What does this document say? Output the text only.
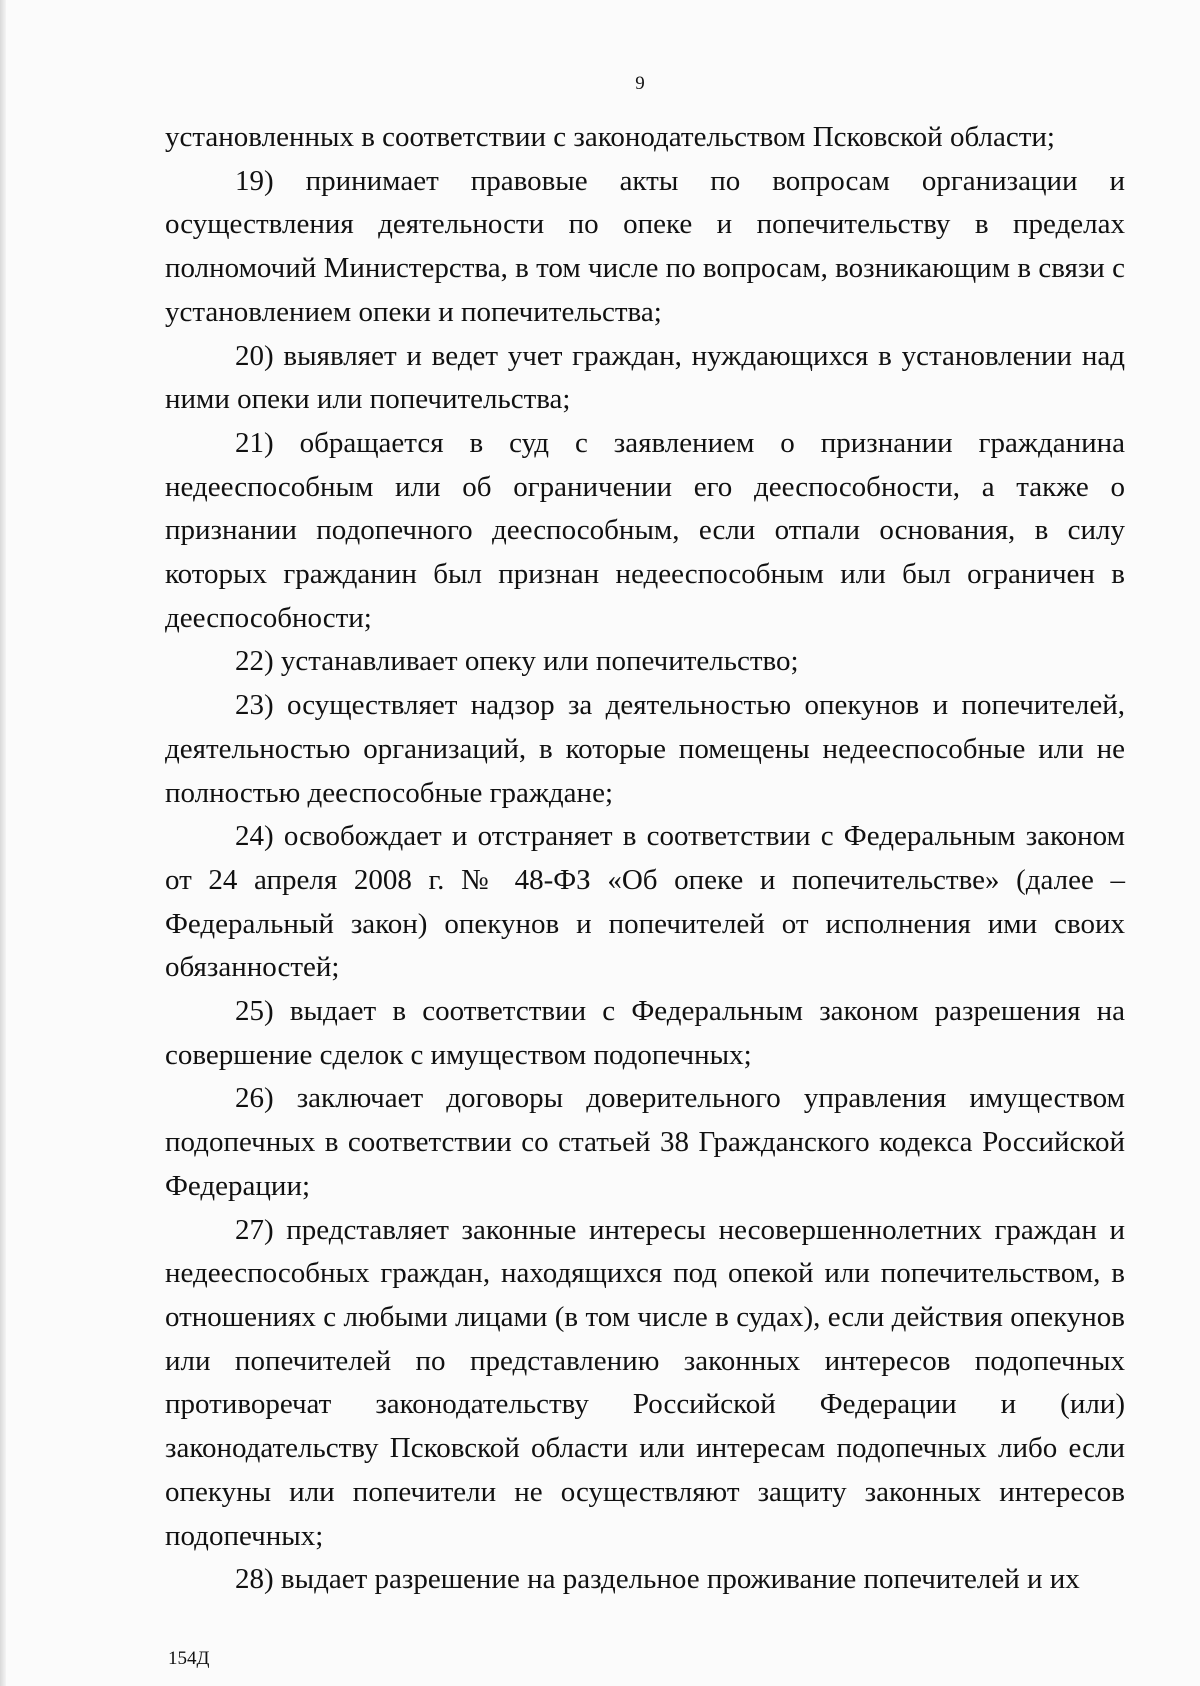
9

установленных в соответствии с законодательством Псковской области;

19) принимает правовые акты по вопросам организации и осуществления деятельности по опеке и попечительству в пределах полномочий Министерства, в том числе по вопросам, возникающим в связи с установлением опеки и попечительства;

20) выявляет и ведет учет граждан, нуждающихся в установлении над ними опеки или попечительства;

21) обращается в суд с заявлением о признании гражданина недееспособным или об ограничении его дееспособности, а также о признании подопечного дееспособным, если отпали основания, в силу которых гражданин был признан недееспособным или был ограничен в дееспособности;

22) устанавливает опеку или попечительство;

23) осуществляет надзор за деятельностью опекунов и попечителей, деятельностью организаций, в которые помещены недееспособные или не полностью дееспособные граждане;

24) освобождает и отстраняет в соответствии с Федеральным законом от 24 апреля 2008 г. № 48-ФЗ «Об опеке и попечительстве» (далее – Федеральный закон) опекунов и попечителей от исполнения ими своих обязанностей;

25) выдает в соответствии с Федеральным законом разрешения на совершение сделок с имуществом подопечных;

26) заключает договоры доверительного управления имуществом подопечных в соответствии со статьей 38 Гражданского кодекса Российской Федерации;

27) представляет законные интересы несовершеннолетних граждан и недееспособных граждан, находящихся под опекой или попечительством, в отношениях с любыми лицами (в том числе в судах), если действия опекунов или попечителей по представлению законных интересов подопечных противоречат законодательству Российской Федерации и (или) законодательству Псковской области или интересам подопечных либо если опекуны или попечители не осуществляют защиту законных интересов подопечных;

28) выдает разрешение на раздельное проживание попечителей и их

154Д
